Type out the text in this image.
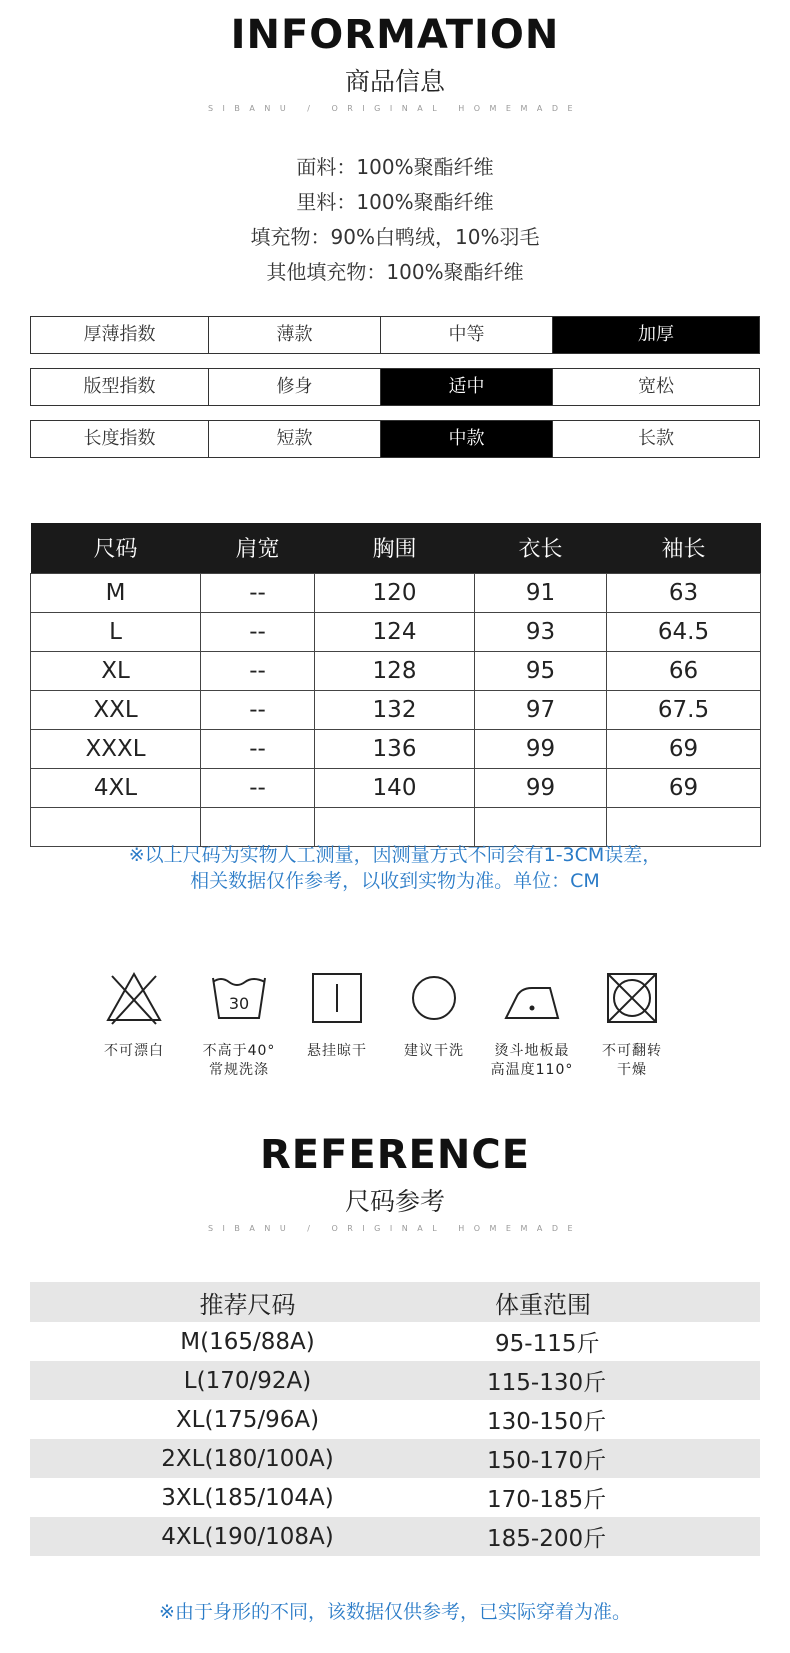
INFORMATION
商品信息
SIBANU / ORIGINAL HOMEMADE
面料：100%聚酯纤维
里料：100%聚酯纤维
填充物：90%白鸭绒，10%羽毛
其他填充物：100%聚酯纤维
厚薄指数	薄款	中等	加厚
版型指数	修身	适中	宽松
长度指数	短款	中款	长款
尺码	肩宽	胸围	衣长	袖长
M	--	120	91	63
L	--	124	93	64.5
XL	--	128	95	66
XXL	--	132	97	67.5
XXXL	--	136	99	69
4XL	--	140	99	69

※以上尺码为实物人工测量，因测量方式不同会有1-3CM误差，
相关数据仅作参考，以收到实物为准。单位：CM
不可漂白
30
不高于40°
常规洗涤
悬挂晾干	建议干洗	烫斗地板最
高温度110°
不可翻转
干燥
REFERENCE
尺码参考
SIBANU / ORIGINAL HOMEMADE
推荐尺码	体重范围
M(165/88A)	95-115斤
L(170/92A)	115-130斤
XL(175/96A)	130-150斤
2XL(180/100A)	150-170斤
3XL(185/104A)	170-185斤
4XL(190/108A)	185-200斤
※由于身形的不同，该数据仅供参考，已实际穿着为准。
